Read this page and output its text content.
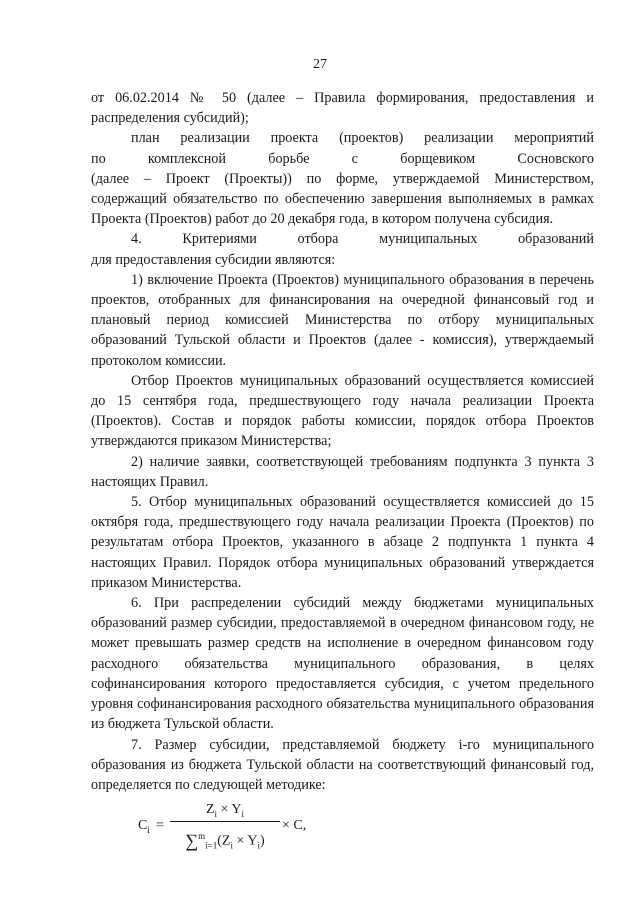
27

от 06.02.2014 № 50 (далее – Правила формирования, предоставления и распределения субсидий);

план реализации проекта (проектов) реализации мероприятий

по комплексной борьбе с борщевиком Сосновского

(далее – Проект (Проекты)) по форме, утверждаемой Министерством, содержащий обязательство по обеспечению завершения выполняемых в рамках Проекта (Проектов) работ до 20 декабря года, в котором получена субсидия.

4. Критериями отбора муниципальных образований

для предоставления субсидии являются:

1) включение Проекта (Проектов) муниципального образования в перечень проектов, отобранных для финансирования на очередной финансовый год и плановый период комиссией Министерства по отбору муниципальных образований Тульской области и Проектов (далее - комиссия), утверждаемый протоколом комиссии.

Отбор Проектов муниципальных образований осуществляется комиссией до 15 сентября года, предшествующего году начала реализации Проекта (Проектов). Состав и порядок работы комиссии, порядок отбора Проектов утверждаются приказом Министерства;

2) наличие заявки, соответствующей требованиям подпункта 3 пункта 3 настоящих Правил.

5. Отбор муниципальных образований осуществляется комиссией до 15 октября года, предшествующего году начала реализации Проекта (Проектов) по результатам отбора Проектов, указанного в абзаце 2 подпункта 1 пункта 4 настоящих Правил. Порядок отбора муниципальных образований утверждается приказом Министерства.

6. При распределении субсидий между бюджетами муниципальных образований размер субсидии, предоставляемой в очередном финансовом году, не может превышать размер средств на исполнение в очередном финансовом году расходного обязательства муниципального образования, в целях софинансирования которого предоставляется субсидия, с учетом предельного уровня софинансирования расходного обязательства муниципального образования из бюджета Тульской области.

7. Размер субсидии, представляемой бюджету i-го муниципального образования из бюджета Тульской области на соответствующий финансовый год, определяется по следующей методике:

$C_i$ =
$Z_i \times Y_i$
$\sum^m_{i=1}(Z_i \times Y_i)$
× C,
